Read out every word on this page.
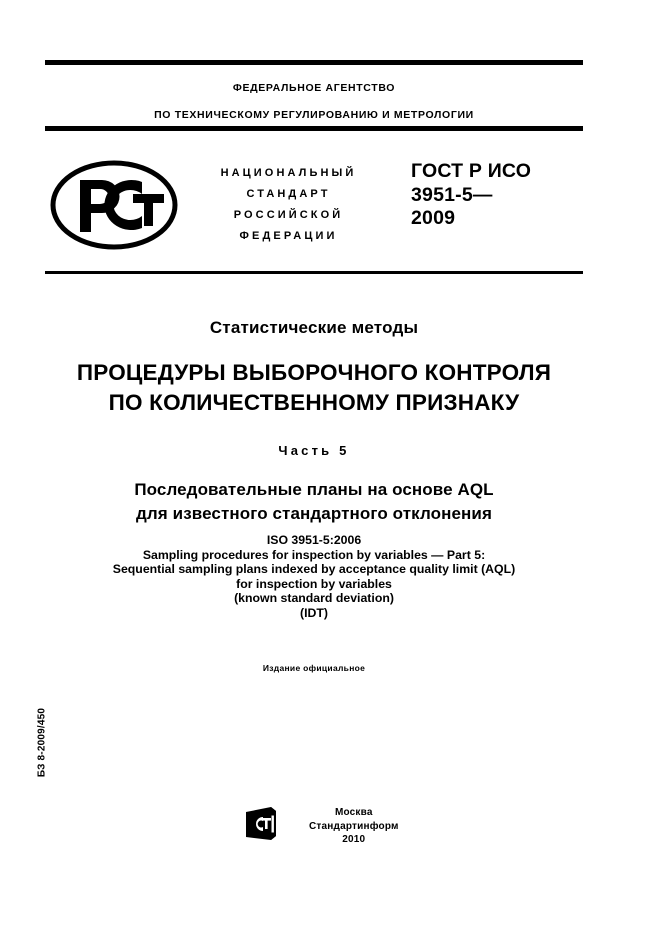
ФЕДЕРАЛЬНОЕ АГЕНТСТВО
ПО ТЕХНИЧЕСКОМУ РЕГУЛИРОВАНИЮ И МЕТРОЛОГИИ
НАЦИОНАЛЬНЫЙ
СТАНДАРТ
РОССИЙСКОЙ
ФЕДЕРАЦИИ
ГОСТ Р ИСО
3951-5—
2009
Статистические методы
ПРОЦЕДУРЫ ВЫБОРОЧНОГО КОНТРОЛЯ
ПО КОЛИЧЕСТВЕННОМУ ПРИЗНАКУ
Часть 5
Последовательные планы на основе AQL
для известного стандартного отклонения
ISO 3951-5:2006
Sampling procedures for inspection by variables — Part 5:
Sequential sampling plans indexed by acceptance quality limit (AQL)
for inspection by variables
(known standard deviation)
(IDT)
Издание официальное
БЗ 8-2009/450
Москва
Стандартинформ
2010
